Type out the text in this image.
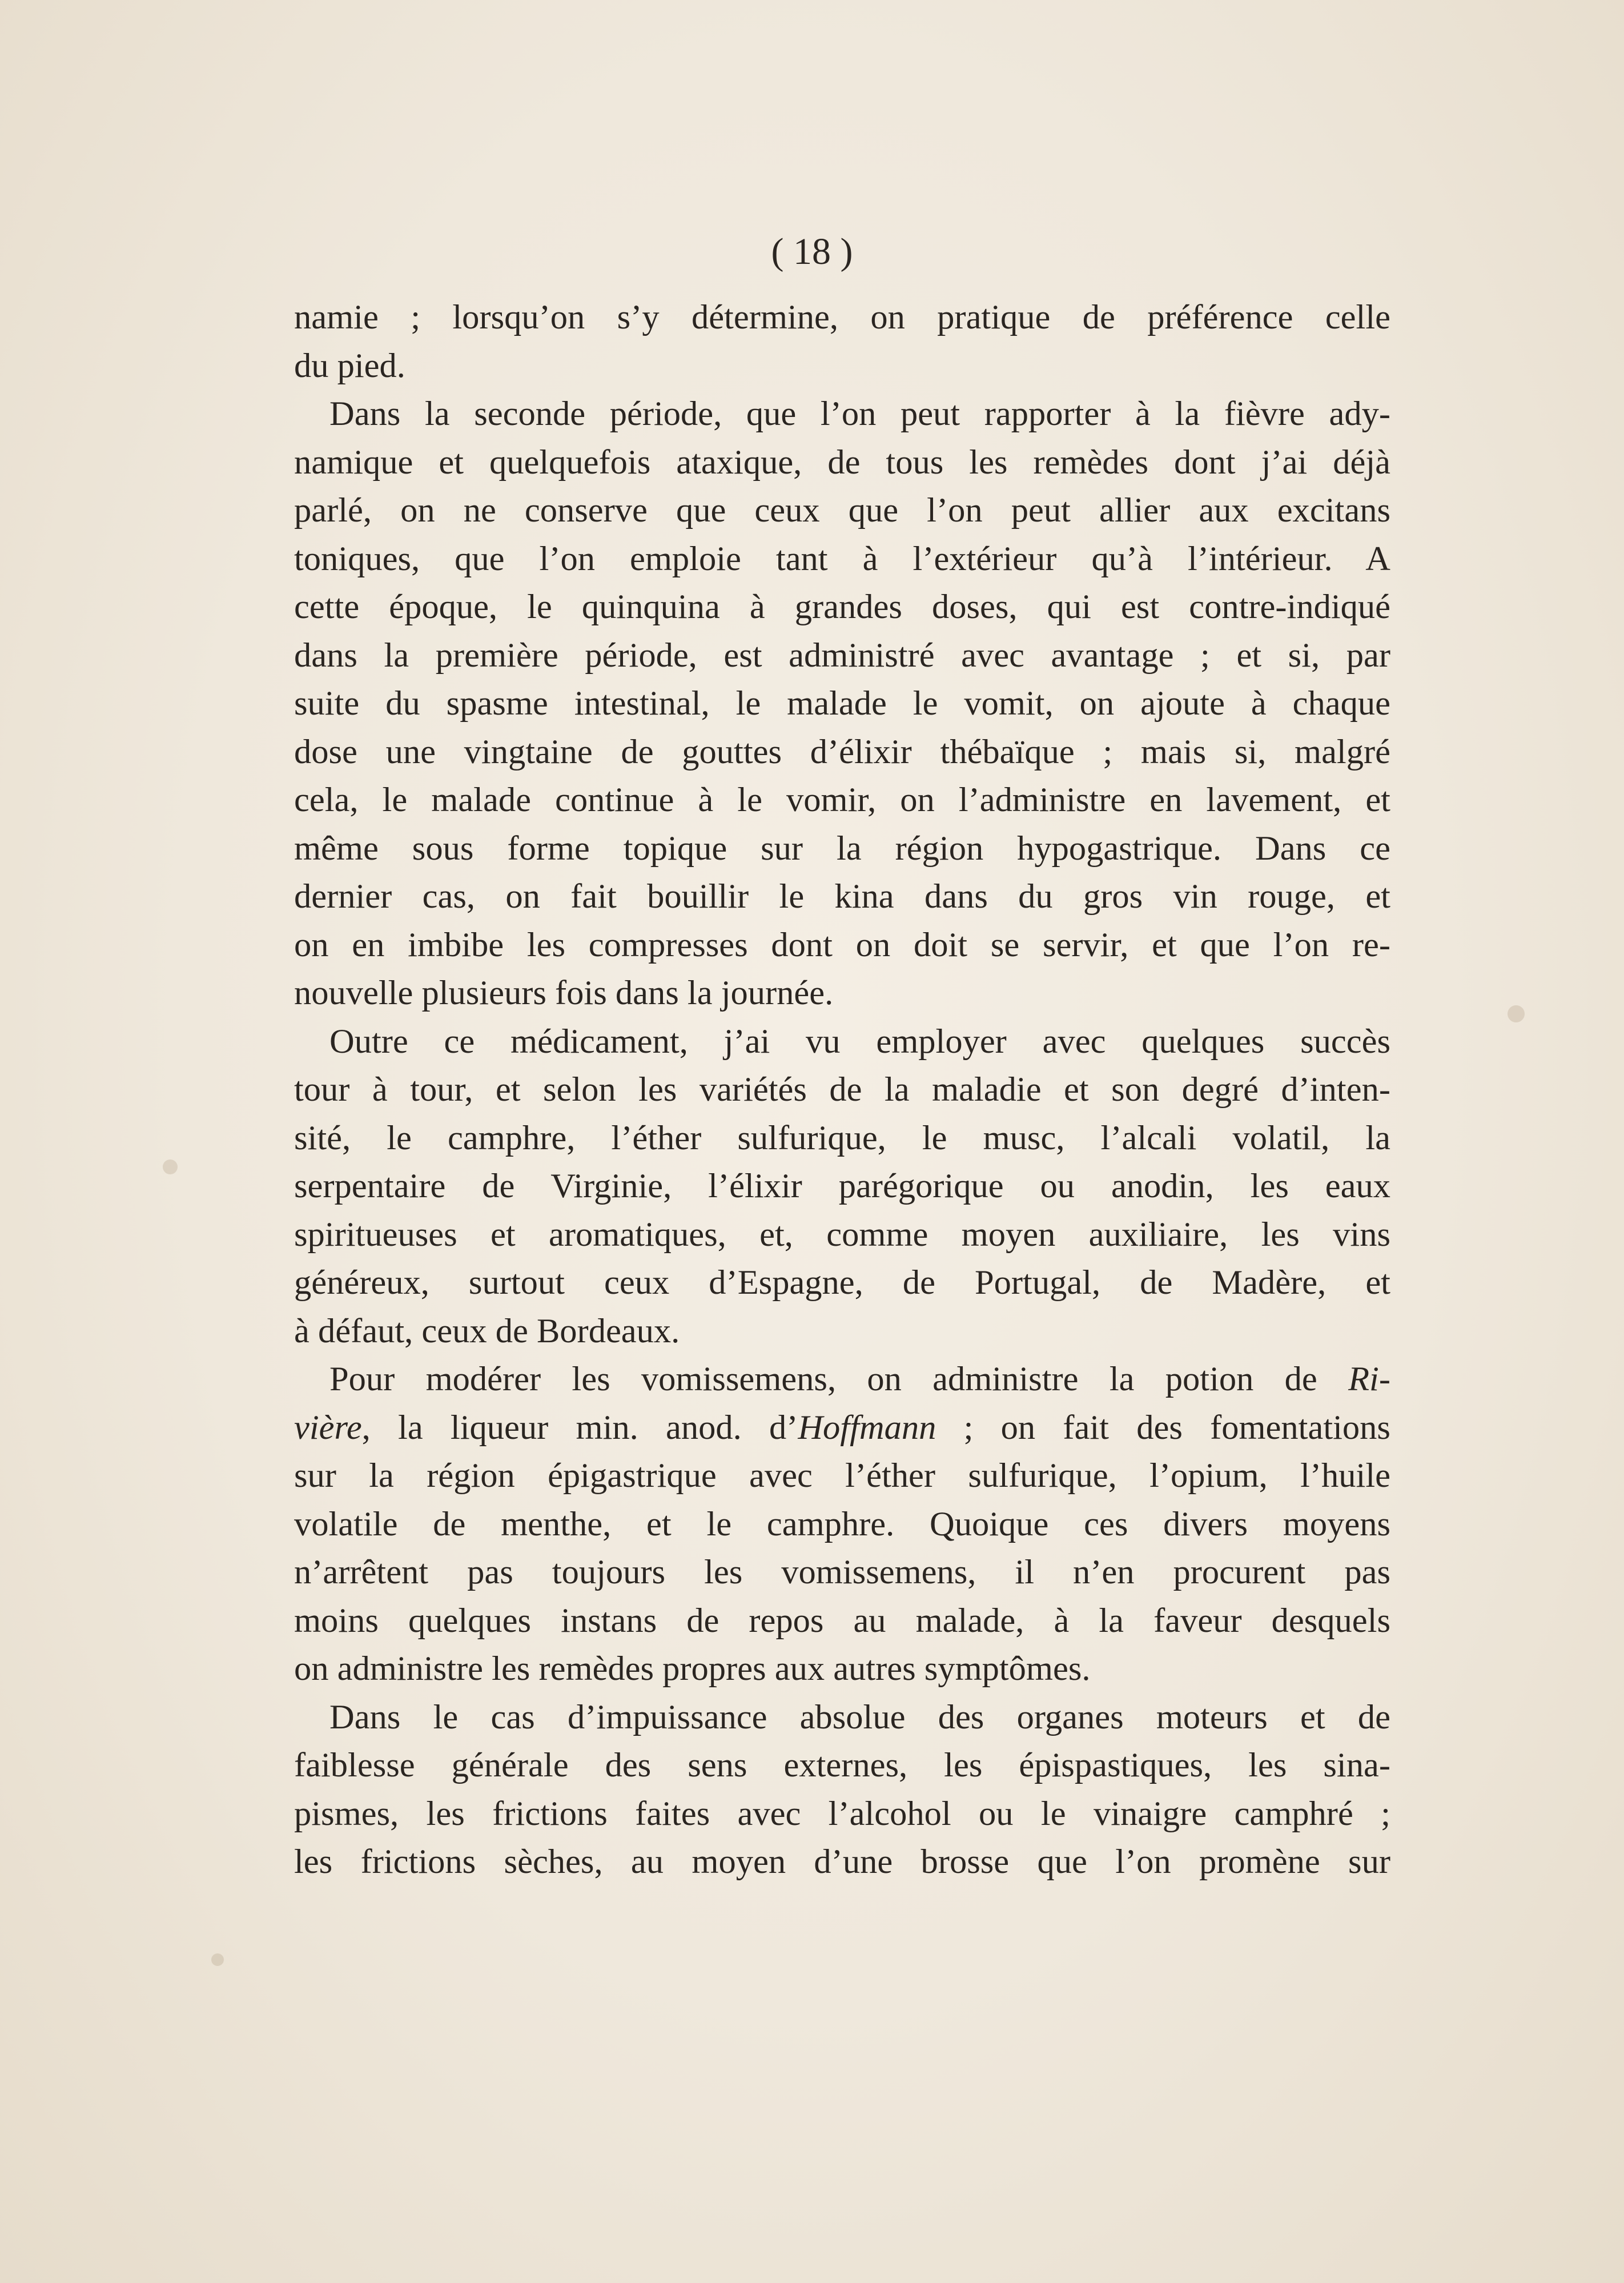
( 18 )
namie ; lorsqu’on s’y détermine, on pratique de préférence celle
du pied.
Dans la seconde période, que l’on peut rapporter à la fièvre ady-
namique et quelquefois ataxique, de tous les remèdes dont j’ai déjà
parlé, on ne conserve que ceux que l’on peut allier aux excitans
toniques, que l’on emploie tant à l’extérieur qu’à l’intérieur. A
cette époque, le quinquina à grandes doses, qui est contre-indiqué
dans la première période, est administré avec avantage ; et si, par
suite du spasme intestinal, le malade le vomit, on ajoute à chaque
dose une vingtaine de gouttes d’élixir thébaïque ; mais si, malgré
cela, le malade continue à le vomir, on l’administre en lavement, et
même sous forme topique sur la région hypogastrique. Dans ce
dernier cas, on fait bouillir le kina dans du gros vin rouge, et
on en imbibe les compresses dont on doit se servir, et que l’on re-
nouvelle plusieurs fois dans la journée.
Outre ce médicament, j’ai vu employer avec quelques succès
tour à tour, et selon les variétés de la maladie et son degré d’inten-
sité, le camphre, l’éther sulfurique, le musc, l’alcali volatil, la
serpentaire de Virginie, l’élixir parégorique ou anodin, les eaux
spiritueuses et aromatiques, et, comme moyen auxiliaire, les vins
généreux, surtout ceux d’Espagne, de Portugal, de Madère, et
à défaut, ceux de Bordeaux.
Pour modérer les vomissemens, on administre la potion de Ri-
vière, la liqueur min. anod. d’Hoffmann ; on fait des fomentations
sur la région épigastrique avec l’éther sulfurique, l’opium, l’huile
volatile de menthe, et le camphre. Quoique ces divers moyens
n’arrêtent pas toujours les vomissemens, il n’en procurent pas
moins quelques instans de repos au malade, à la faveur desquels
on administre les remèdes propres aux autres symptômes.
Dans le cas d’impuissance absolue des organes moteurs et de
faiblesse générale des sens externes, les épispastiques, les sina-
pismes, les frictions faites avec l’alcohol ou le vinaigre camphré ;
les frictions sèches, au moyen d’une brosse que l’on promène sur
